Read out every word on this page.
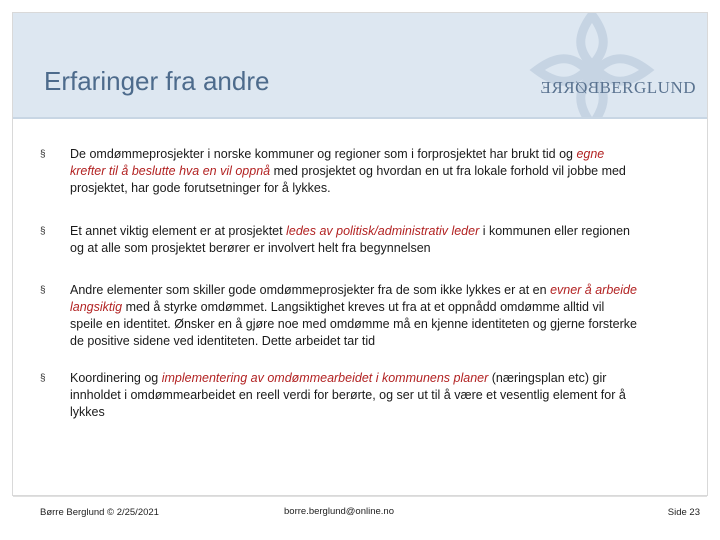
Erfaringer fra andre	BØRREBERGLUND
§ De omdømmeprosjekter i norske kommuner og regioner som i forprosjektet har brukt tid og egne krefter til å beslutte hva en vil oppnå med prosjektet og hvordan en ut fra lokale forhold vil jobbe med prosjektet, har gode forutsetninger for å lykkes.
§ Et annet viktig element er at prosjektet ledes av politisk/administrativ leder i kommunen eller regionen og at alle som prosjektet berører er involvert helt fra begynnelsen
§ Andre elementer som skiller gode omdømmeprosjekter fra de som ikke lykkes er at en evner å arbeide langsiktig med å styrke omdømmet. Langsiktighet kreves ut fra at et oppnådd omdømme alltid vil speile en identitet. Ønsker en å gjøre noe med omdømme må en kjenne identiteten og gjerne forsterke de positive sidene ved identiteten. Dette arbeidet tar tid
§ Koordinering og implementering av omdømmearbeidet i kommunens planer (næringsplan etc) gir innholdet i omdømmearbeidet en reell verdi for berørte, og ser ut til å være et vesentlig element for å lykkes
Børre Berglund © 2/25/2021	borre.berglund@online.no	Side 23
